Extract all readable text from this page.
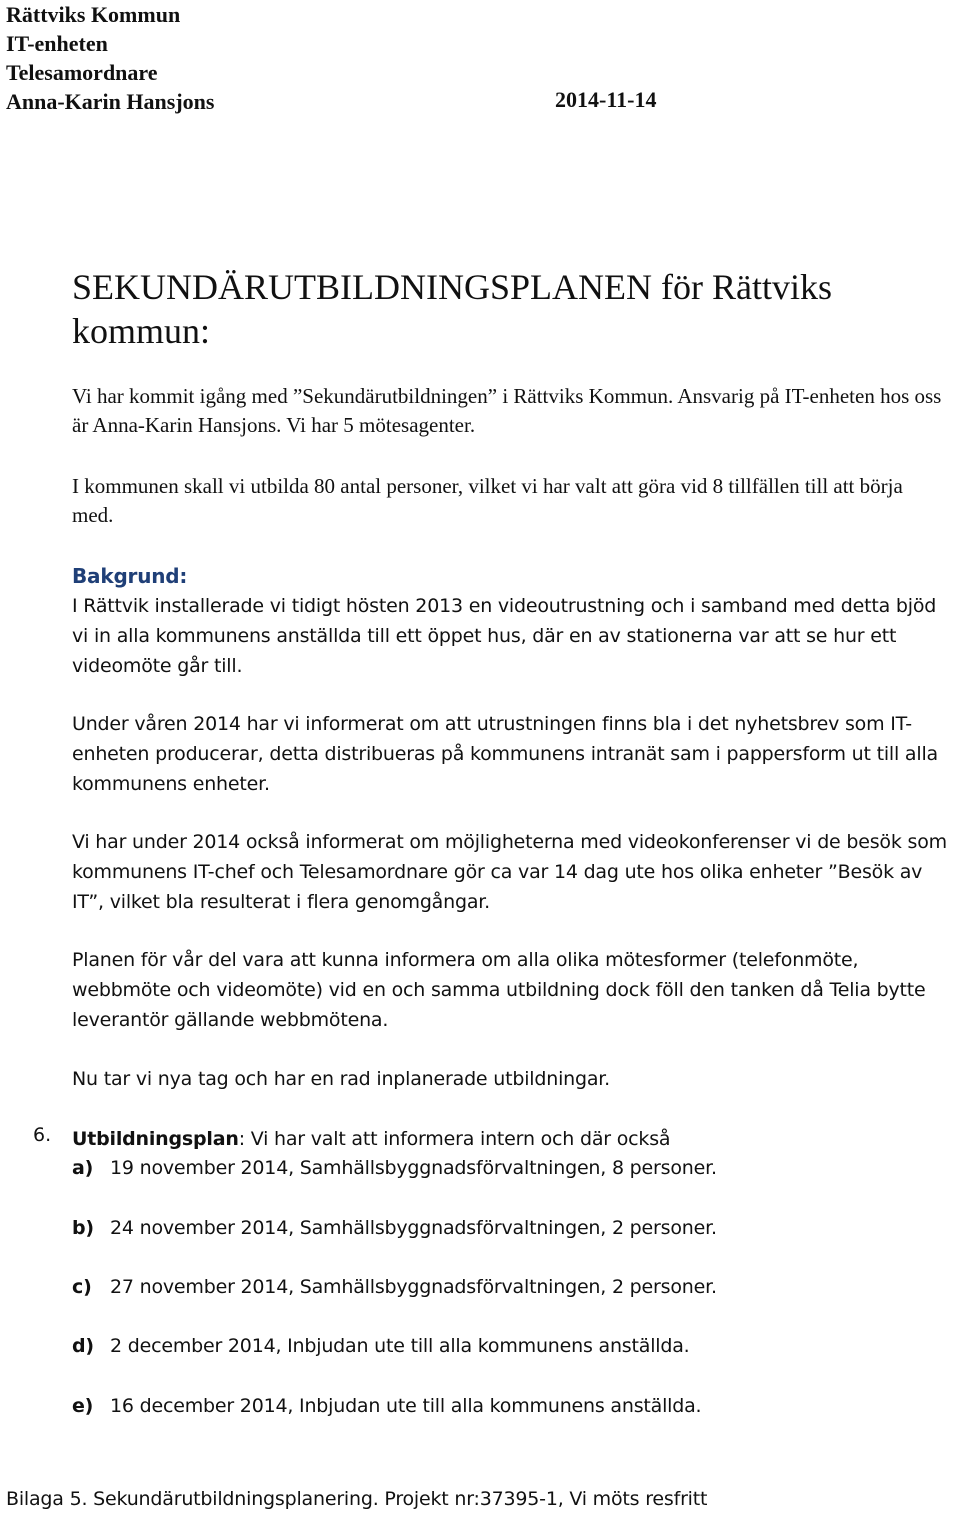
Rättviks Kommun
IT-enheten
Telesamordnare
Anna-Karin Hansjons	2014-11-14
SEKUNDÄRUTBILDNINGSPLANEN för Rättviks kommun:

Vi har kommit igång med ”Sekundärutbildningen” i Rättviks Kommun. Ansvarig på IT-enheten hos oss är Anna-Karin Hansjons. Vi har 5 mötesagenter.

I kommunen skall vi utbilda 80 antal personer, vilket vi har valt att göra vid 8 tillfällen till att börja med.

Bakgrund:

I Rättvik installerade vi tidigt hösten 2013 en videoutrustning och i samband med detta bjöd vi in alla kommunens anställda till ett öppet hus, där en av stationerna var att se hur ett videomöte går till.

Under våren 2014 har vi informerat om att utrustningen finns bla i det nyhetsbrev som IT-enheten producerar, detta distribueras på kommunens intranät sam i pappersform ut till alla kommunens enheter.

Vi har under 2014 också informerat om möjligheterna med videokonferenser vi de besök som kommunens IT-chef och Telesamordnare gör ca var 14 dag ute hos olika enheter ”Besök av IT”, vilket bla resulterat i flera genomgångar.

Planen för vår del vara att kunna informera om alla olika mötesformer (telefonmöte, webbmöte och videomöte) vid en och samma utbildning dock föll den tanken då Telia bytte leverantör gällande webbmötena.

Nu tar vi nya tag och har en rad inplanerade utbildningar.

6. Utbildningsplan: Vi har valt att informera intern och där också
a) 19 november 2014, Samhällsbyggnadsförvaltningen, 8 personer.
b) 24 november 2014, Samhällsbyggnadsförvaltningen, 2 personer.
c) 27 november 2014, Samhällsbyggnadsförvaltningen, 2 personer.
d) 2 december 2014, Inbjudan ute till alla kommunens anställda.
e) 16 december 2014, Inbjudan ute till alla kommunens anställda.
Bilaga 5. Sekundärutbildningsplanering. Projekt nr:37395-1, Vi möts resfritt
